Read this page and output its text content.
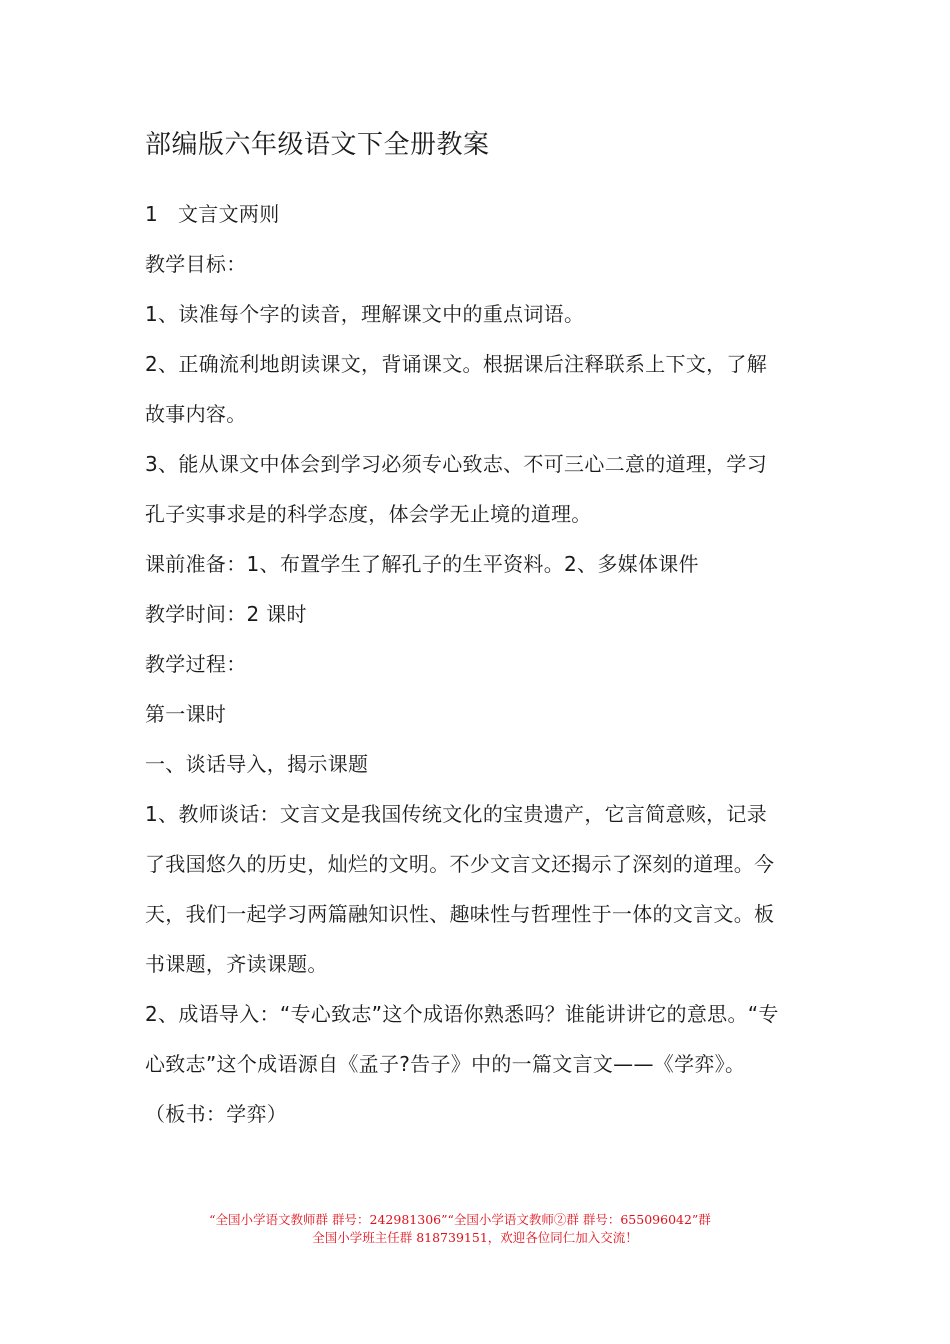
部编版六年级语文下全册教案
1 文言文两则
教学目标：
1、读准每个字的读音，理解课文中的重点词语。
2、正确流利地朗读课文，背诵课文。根据课后注释联系上下文，了解
故事内容。
3、能从课文中体会到学习必须专心致志、不可三心二意的道理，学习
孔子实事求是的科学态度，体会学无止境的道理。
课前准备：1、布置学生了解孔子的生平资料。2、多媒体课件
教学时间：2 课时
教学过程：
第一课时
一、谈话导入，揭示课题
1、教师谈话：文言文是我国传统文化的宝贵遗产，它言简意赅，记录
了我国悠久的历史，灿烂的文明。不少文言文还揭示了深刻的道理。今
天，我们一起学习两篇融知识性、趣味性与哲理性于一体的文言文。板
书课题，齐读课题。
2、成语导入：“专心致志”这个成语你熟悉吗？谁能讲讲它的意思。“专
心致志”这个成语源自《孟子?告子》中的一篇文言文——《学弈》。
（板书：学弈）
“全国小学语文教师群 群号：242981306”“全国小学语文教师②群 群号：655096042”群
全国小学班主任群 818739151，欢迎各位同仁加入交流！
